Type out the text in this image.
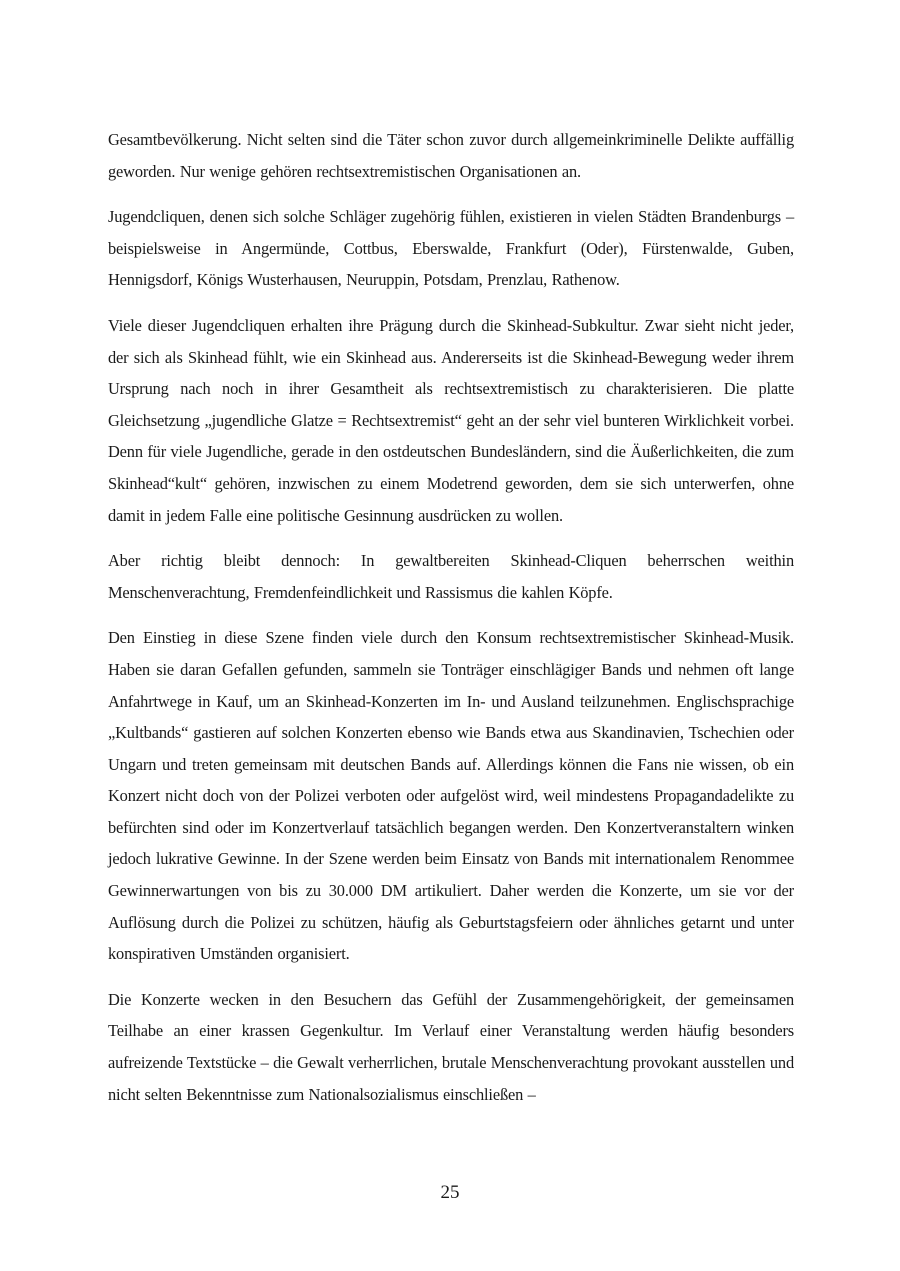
Gesamtbevölkerung. Nicht selten sind die Täter schon zuvor durch allgemeinkriminelle Delikte auffällig geworden. Nur wenige gehören rechtsextremistischen Organisationen an.

Jugendcliquen, denen sich solche Schläger zugehörig fühlen, existieren in vielen Städten Brandenburgs – beispielsweise in Angermünde, Cottbus, Eberswalde, Frankfurt (Oder), Fürstenwalde, Guben, Hennigsdorf, Königs Wusterhausen, Neuruppin, Potsdam, Prenzlau, Rathenow.

Viele dieser Jugendcliquen erhalten ihre Prägung durch die Skinhead-Subkultur. Zwar sieht nicht jeder, der sich als Skinhead fühlt, wie ein Skinhead aus. Andererseits ist die Skinhead-Bewegung weder ihrem Ursprung nach noch in ihrer Gesamtheit als rechtsextremistisch zu charakterisieren. Die platte Gleichsetzung „jugendliche Glatze = Rechtsextremist“ geht an der sehr viel bunteren Wirklichkeit vorbei. Denn für viele Jugendliche, gerade in den ostdeutschen Bundesländern, sind die Äußerlichkeiten, die zum Skinhead“kult“ gehören, inzwischen zu einem Modetrend geworden, dem sie sich unterwerfen, ohne damit in jedem Falle eine politische Gesinnung ausdrücken zu wollen.

Aber richtig bleibt dennoch: In gewaltbereiten Skinhead-Cliquen beherrschen weithin Menschenverachtung, Fremdenfeindlichkeit und Rassismus die kahlen Köpfe.

Den Einstieg in diese Szene finden viele durch den Konsum rechtsextremistischer Skinhead-Musik. Haben sie daran Gefallen gefunden, sammeln sie Tonträger einschlägiger Bands und nehmen oft lange Anfahrtwege in Kauf, um an Skinhead-Konzerten im In- und Ausland teilzunehmen. Englischsprachige „Kultbands“ gastieren auf solchen Konzerten ebenso wie Bands etwa aus Skandinavien, Tschechien oder Ungarn und treten gemeinsam mit deutschen Bands auf. Allerdings können die Fans nie wissen, ob ein Konzert nicht doch von der Polizei verboten oder aufgelöst wird, weil mindestens Propagandadelikte zu befürchten sind oder im Konzertverlauf tatsächlich begangen werden. Den Konzertveranstaltern winken jedoch lukrative Gewinne. In der Szene werden beim Einsatz von Bands mit internationalem Renommee Gewinnerwartungen von bis zu 30.000 DM artikuliert. Daher werden die Konzerte, um sie vor der Auflösung durch die Polizei zu schützen, häufig als Geburtstagsfeiern oder ähnliches getarnt und unter konspirativen Umständen organisiert.

Die Konzerte wecken in den Besuchern das Gefühl der Zusammengehörigkeit, der gemeinsamen Teilhabe an einer krassen Gegenkultur. Im Verlauf einer Veranstaltung werden häufig besonders aufreizende Textstücke – die Gewalt verherrlichen, brutale Menschenverachtung provokant ausstellen und nicht selten Bekenntnisse zum Nationalsozialismus einschließen –

25
